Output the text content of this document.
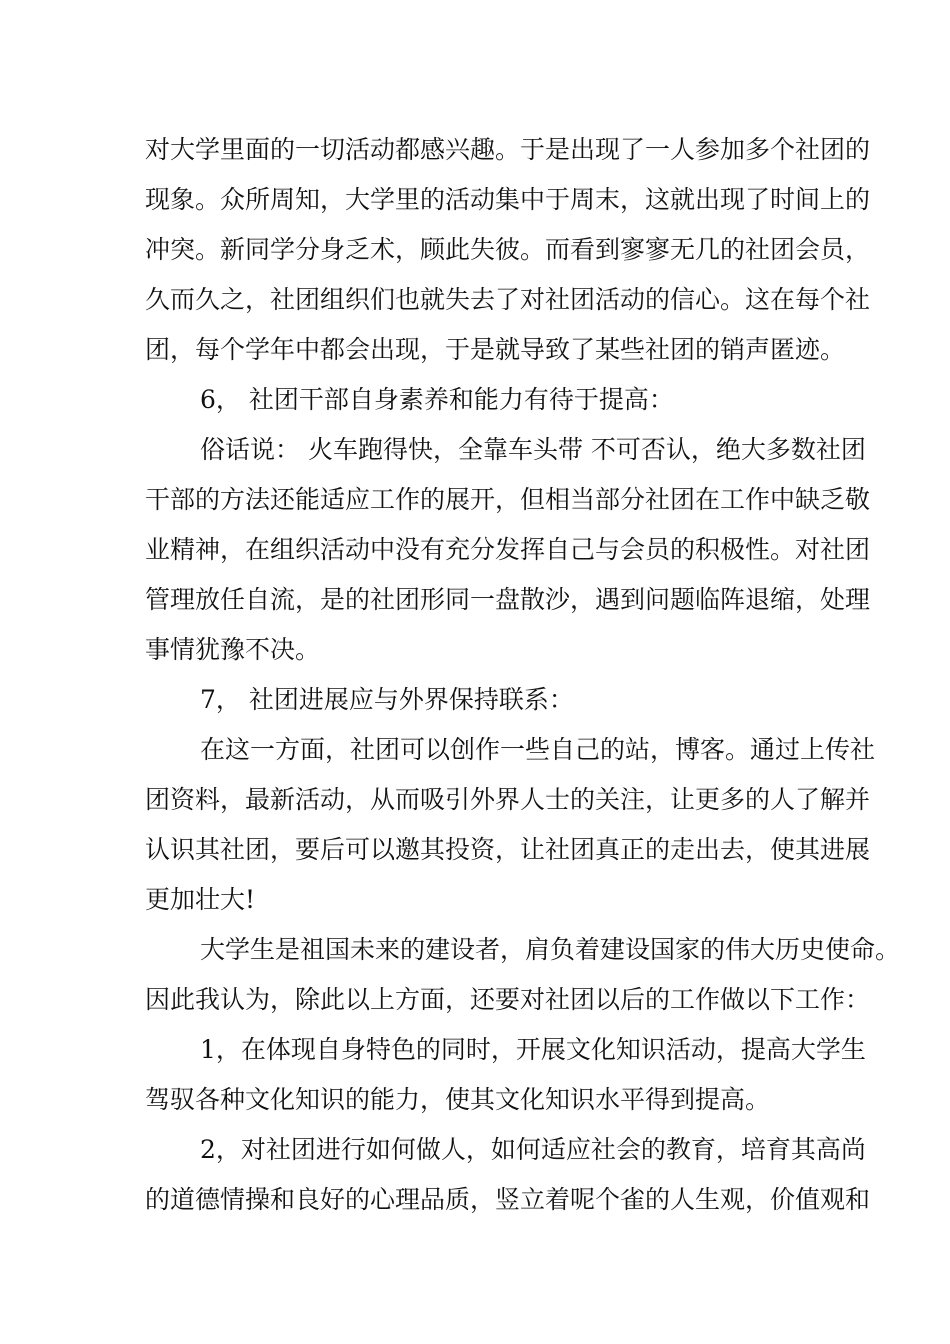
对大学里面的一切活动都感兴趣。于是出现了一人参加多个社团的

现象。众所周知，大学里的活动集中于周末，这就出现了时间上的

冲突。新同学分身乏术，顾此失彼。而看到寥寥无几的社团会员，

久而久之，社团组织们也就失去了对社团活动的信心。这在每个社

团，每个学年中都会出现，于是就导致了某些社团的销声匿迹。

6， 社团干部自身素养和能力有待于提高：

俗话说： 火车跑得快，全靠车头带 不可否认，绝大多数社团

干部的方法还能适应工作的展开，但相当部分社团在工作中缺乏敬

业精神，在组织活动中没有充分发挥自己与会员的积极性。对社团

管理放任自流，是的社团形同一盘散沙，遇到问题临阵退缩，处理

事情犹豫不决。

7， 社团进展应与外界保持联系：

在这一方面，社团可以创作一些自己的站，博客。通过上传社

团资料，最新活动，从而吸引外界人士的关注，让更多的人了解并

认识其社团，要后可以邀其投资，让社团真正的走出去，使其进展

更加壮大!

大学生是祖国未来的建设者，肩负着建设国家的伟大历史使命。

因此我认为，除此以上方面，还要对社团以后的工作做以下工作：

1，在体现自身特色的同时，开展文化知识活动，提高大学生

驾驭各种文化知识的能力，使其文化知识水平得到提高。

2，对社团进行如何做人，如何适应社会的教育，培育其高尚

的道德情操和良好的心理品质，竖立着呢个雀的人生观，价值观和
